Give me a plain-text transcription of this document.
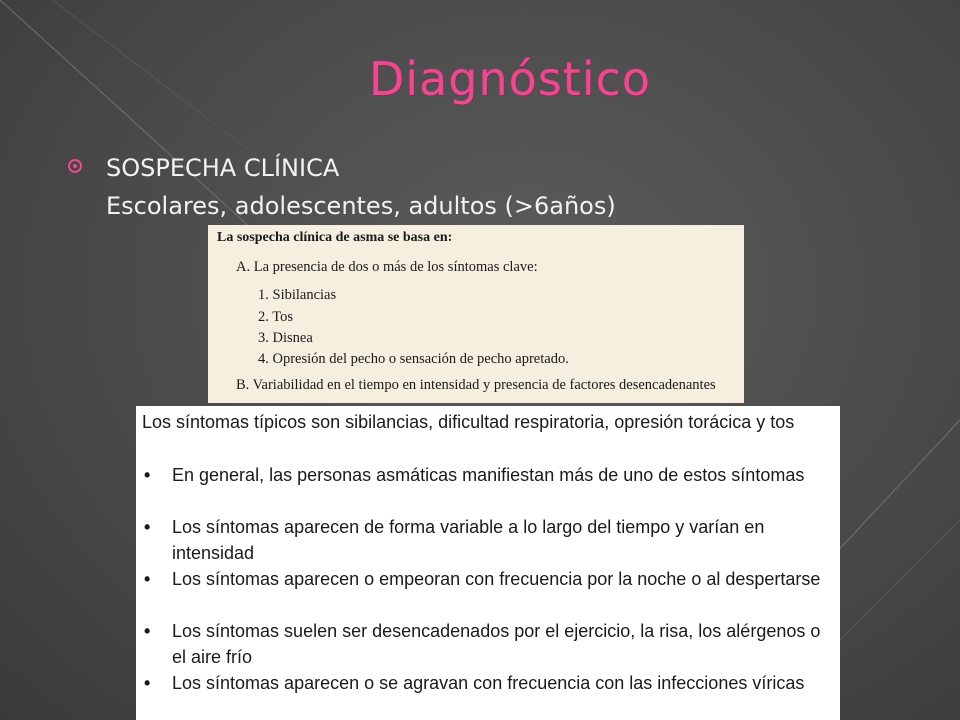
Diagnóstico
SOSPECHA CLÍNICA
Escolares, adolescentes, adultos (>6años)
La sospecha clínica de asma se basa en:
A. La presencia de dos o más de los síntomas clave:
1. Sibilancias
2. Tos
3. Disnea
4. Opresión del pecho o sensación de pecho apretado.
B. Variabilidad en el tiempo en intensidad y presencia de factores desencadenantes
Los síntomas típicos son sibilancias, dificultad respiratoria, opresión torácica y tos
• En general, las personas asmáticas manifiestan más de uno de estos síntomas
• Los síntomas aparecen de forma variable a lo largo del tiempo y varían en intensidad
• Los síntomas aparecen o empeoran con frecuencia por la noche o al despertarse
• Los síntomas suelen ser desencadenados por el ejercicio, la risa, los alérgenos o el aire frío
• Los síntomas aparecen o se agravan con frecuencia con las infecciones víricas
